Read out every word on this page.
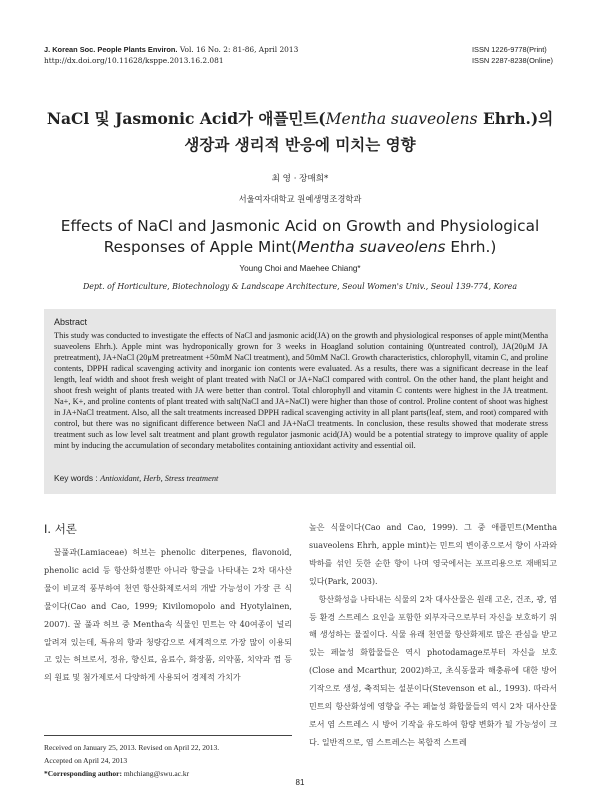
J. Korean Soc. People Plants Environ. Vol. 16 No. 2: 81-86, April 2013
http://dx.doi.org/10.11628/ksppe.2013.16.2.081
ISSN 1226-9778(Print)
ISSN 2287-8238(Online)
NaCl 및 Jasmonic Acid가 애플민트(Mentha suaveolens Ehrh.)의
생장과 생리적 반응에 미치는 영향
최 영 · 장매희*
서울여자대학교 원예생명조경학과
Effects of NaCl and Jasmonic Acid on Growth and Physiological
Responses of Apple Mint(Mentha suaveolens Ehrh.)
Young Choi and Maehee Chiang*
Dept. of Horticulture, Biotechnology & Landscape Architecture, Seoul Women's Univ., Seoul 139-774, Korea
Abstract
This study was conducted to investigate the effects of NaCl and jasmonic acid(JA) on the growth and physiological responses of apple mint(Mentha suaveolens Ehrh.). Apple mint was hydroponically grown for 3 weeks in Hoagland solution containing 0(untreated control), JA(20μM JA pretreatment), JA+NaCl (20μM pretreatment +50mM NaCl treatment), and 50mM NaCl. Growth characteristics, chlorophyll, vitamin C, and proline contents, DPPH radical scavenging activity and inorganic ion contents were evaluated. As a results, there was a significant decrease in the leaf length, leaf width and shoot fresh weight of plant treated with NaCl or JA+NaCl compared with control. On the other hand, the plant height and shoot fresh weight of plants treated with JA were better than control. Total chlorophyll and vitamin C contents were highest in the JA treatment. Na+, K+, and proline contents of plant treated with salt(NaCl and JA+NaCl) were higher than those of control. Proline content of shoot was highest in JA+NaCl treatment. Also, all the salt treatments increased DPPH radical scavenging activity in all plant parts(leaf, stem, and root) compared with control, but there was no significant difference between NaCl and JA+NaCl treatments. In conclusion, these results showed that moderate stress treatment such as low level salt treatment and plant growth regulator jasmonic acid(JA) would be a potential strategy to improve quality of apple mint by inducing the accumulation of secondary metabolites containing antioxidant activity and essential oil.
Key words : Antioxidant, Herb, Stress treatment
Ⅰ. 서론

꿀풀과(Lamiaceae) 허브는 phenolic diterpenes, flavonoid, phenolic acid 등 항산화성뿐만 아니라 향글을 나타내는 2차 대사산물이 비교적 풍부하여 천연 항산화제로서의 개발 가능성이 가장 큰 식물이다(Cao and Cao, 1999; Kivilomopolo and Hyotylainen, 2007). 꿀 풀과 허브 중 Mentha속 식물인 민트는 약 40여종이 널리 알려져 있는데, 특유의 향과 청량감으로 세계적으로 가장 많이 이용되고 있는 허브로서, 정유, 향신료, 음료수, 화장품, 의약품, 치약과 껌 등의 원료 및 첨가제로서 다양하게 사용되어 경제적 가치가

높은 식물이다(Cao and Cao, 1999). 그 중 애플민트(Mentha suaveolens Ehrh, apple mint)는 민트의 변이종으로서 향이 사과와 박하를 섞인 듯한 순한 향이 나며 영국에서는 포프리용으로 재배되고 있다(Park, 2003).

항산화성을 나타내는 식물의 2차 대사산물은 원래 고온, 건조, 광, 염 등 환경 스트레스 요인을 포함한 외부자극으로부터 자신을 보호하기 위해 생성하는 물질이다. 식물 유래 천연물 항산화제로 많은 관심을 받고 있는 페놀성 화합물들은 역시 photodamage로부터 자신을 보호(Close and Mcarthur, 2002)하고, 초식동물과 해충류에 대한 방어기작으로 생성, 축적되는 설분이다(Stevenson et al., 1993). 따라서 민트의 항산화성에 영향을 주는 페놀성 화합물들의 역시 2차 대사산물로서 염 스트레스 시 방어 기작을 유도하여 함량 변화가 될 가능성이 크다. 일반적으로, 염 스트레스는 복합적 스트레

Received on January 25, 2013. Revised on April 22, 2013.
Accepted on April 24, 2013
*Corresponding author: mhchiang@swu.ac.kr
81
